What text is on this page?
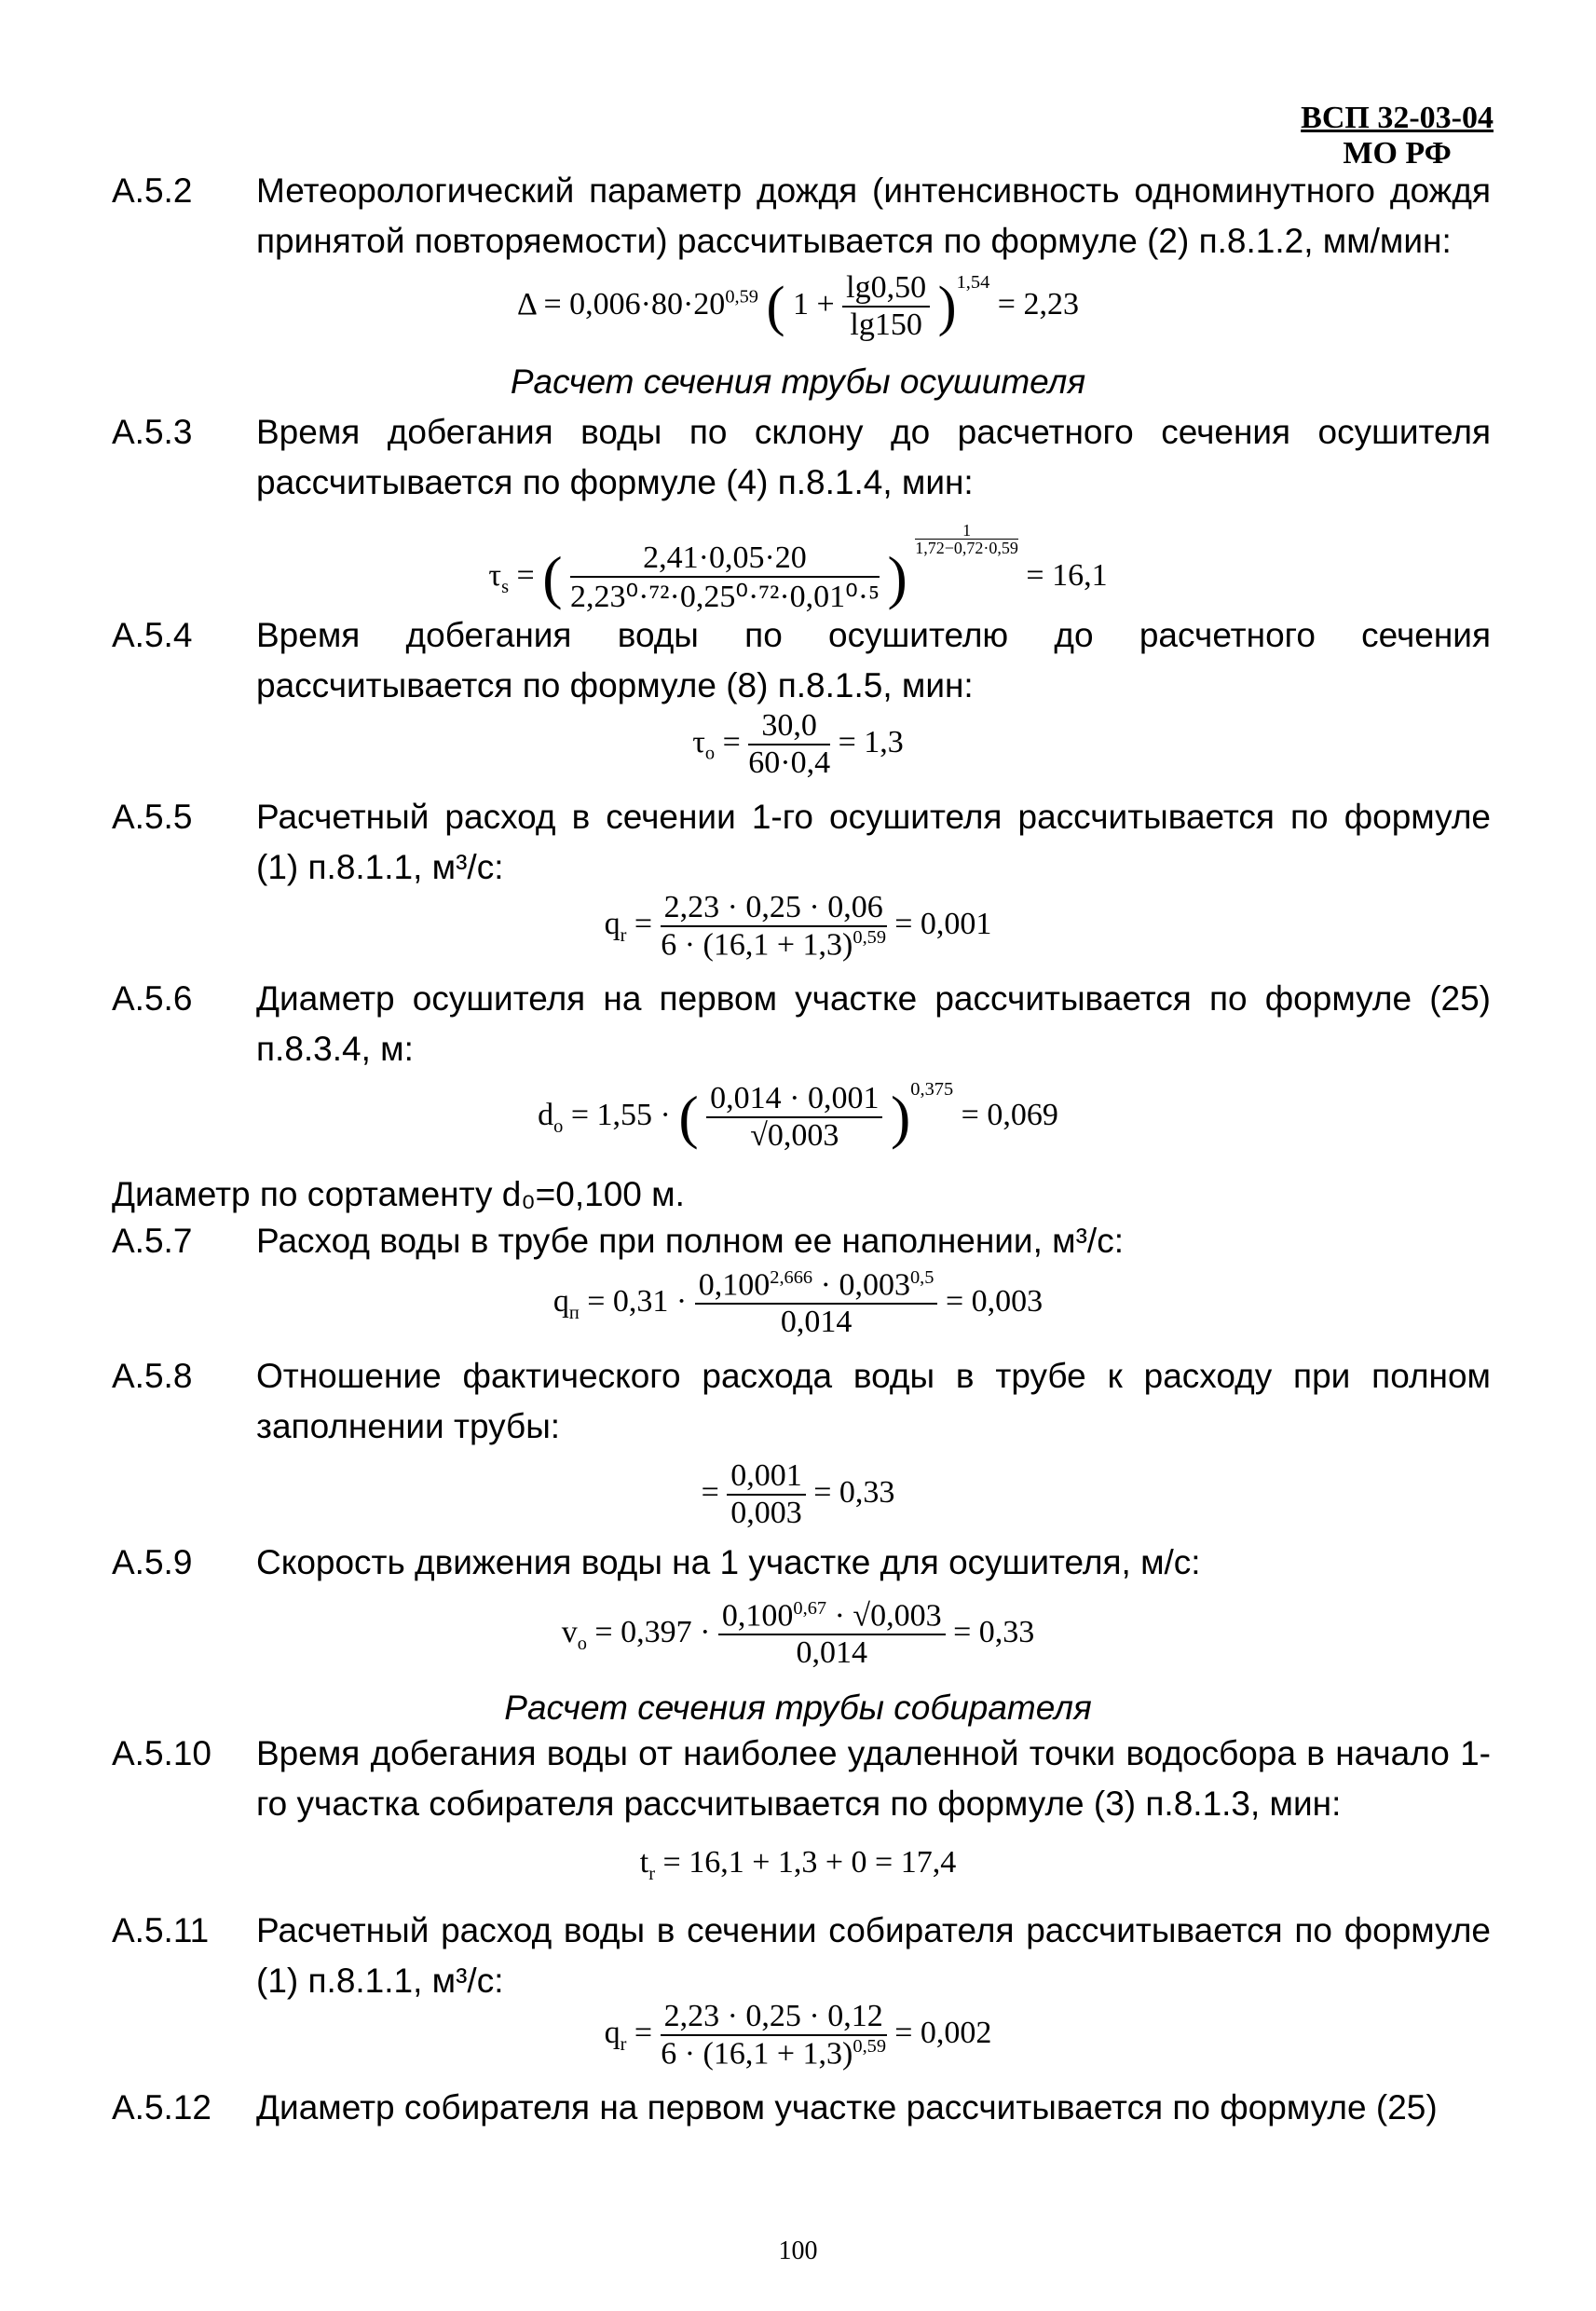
ВСП 32-03-04
МО РФ
А.5.2	Метеорологический параметр дождя (интенсивность одноминутного дождя принятой повторяемости) рассчитывается по формуле (2) п.8.1.2, мм/мин:
$\Delta = 0,006\cdot 80\cdot 20^{0,59}$ ( $1 + \frac{\lg 0,50}{\lg 150} )^{1,54} = 2,23$
Расчет сечения трубы осушителя
А.5.3	Время добегания воды по склону до расчетного сечения осушителя рассчитывается по формуле (4) п.8.1.4, мин:
$\tau_s$ = ( $\frac{2,41\cdot 0,05\cdot 20}{\text{2,23⁰·⁷²·0,25⁰·⁷²·0,01⁰·⁵}}$ )
$\frac{1}{1,72-0,72\cdot 0,59}$
= 16,1
А.5.4	Время добегания воды по осушителю до расчетного сечения рассчитывается по формуле (8) п.8.1.5, мин:
$\tau_o = \frac{30,0}{60\cdot 0,4} = 1,3$
А.5.5	Расчетный расход в сечении 1-го осушителя рассчитывается по формуле (1) п.8.1.1, м³/с:
$q_r = \frac{2,23 \cdot 0,25 \cdot 0,06}{6 \cdot (16,1 + 1,3)^{0,59}} = 0,001$
А.5.6	Диаметр осушителя на первом участке рассчитывается по формуле (25) п.8.3.4, м:
$d_o = 1,55$ · ( $\frac{0,014 \cdot 0,001}{√0,003} )^{0,375} = 0,069$
Диаметр по сортаменту d₀=0,100 м.
А.5.7	Расход воды в трубе при полном ее наполнении, м³/с:
$q_п = 0,31 \cdot \frac{0,100^{2,666} \cdot 0,003^{0,5}}{0,014} = 0,003$
А.5.8	Отношение фактического расхода воды в трубе к расходу при полном заполнении трубы:
= $\frac{0,001}{0,003} = 0,33$
А.5.9	Скорость движения воды на 1 участке для осушителя, м/с:
$v_o = 0,397 \cdot \frac{0,100^{0,67} \cdot √0,003}{0,014} = 0,33$
Расчет сечения трубы собирателя
А.5.10	Время добегания воды от наиболее удаленной точки водосбора в начало 1-го участка собирателя рассчитывается по формуле (3) п.8.1.3, мин:
$t_r = 16,1 + 1,3 + 0 = 17,4$
А.5.11	Расчетный расход воды в сечении собирателя рассчитывается по формуле (1) п.8.1.1, м³/с:
$q_r = \frac{2,23 \cdot 0,25 \cdot 0,12}{6 \cdot (16,1 + 1,3)^{0,59}} = 0,002$
А.5.12	Диаметр собирателя на первом участке рассчитывается по формуле (25)
100
